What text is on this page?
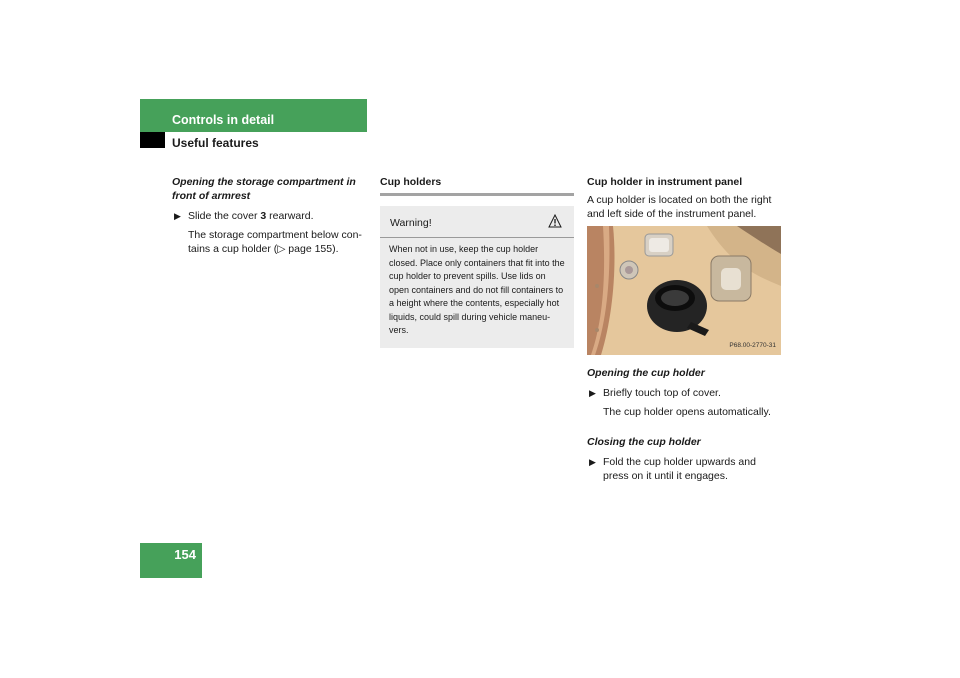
Controls in detail
Useful features

Opening the storage compartment in front of armrest

▶ Slide the cover 3 rearward.

The storage compartment below con-tains a cup holder (▷ page 155).

Cup holders

Warning!
When not in use, keep the cup holder closed. Place only containers that fit into the cup holder to prevent spills. Use lids on open containers and do not fill containers to a height where the contents, especially hot liquids, could spill during vehicle maneu-vers.

Cup holder in instrument panel

A cup holder is located on both the right and left side of the instrument panel.

P68.00-2770-31

Opening the cup holder

▶ Briefly touch top of cover.

The cup holder opens automatically.

Closing the cup holder

▶ Fold the cup holder upwards and press on it until it engages.

154
